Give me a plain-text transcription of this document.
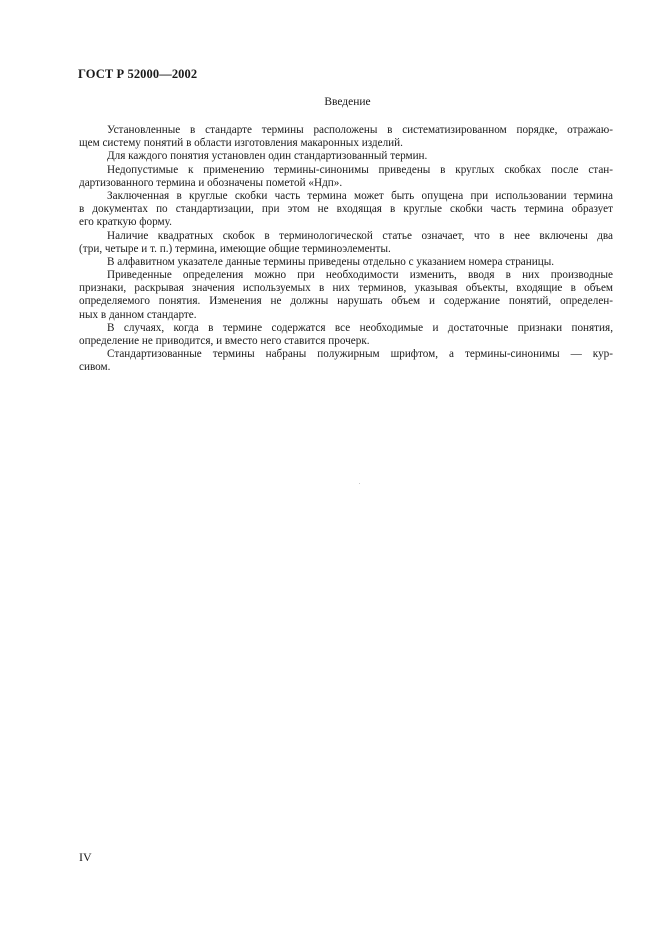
ГОСТ Р 52000—2002
Введение
Установленные в стандарте термины расположены в систематизированном порядке, отражаю-
щем систему понятий в области изготовления макаронных изделий.
Для каждого понятия установлен один стандартизованный термин.
Недопустимые к применению термины-синонимы приведены в круглых скобках после стан-
дартизованного термина и обозначены пометой «Ндп».
Заключенная в круглые скобки часть термина может быть опущена при использовании термина
в документах по стандартизации, при этом не входящая в круглые скобки часть термина образует
его краткую форму.
Наличие квадратных скобок в терминологической статье означает, что в нее включены два
(три, четыре и т. п.) термина, имеющие общие терминоэлементы.
В алфавитном указателе данные термины приведены отдельно с указанием номера страницы.
Приведенные определения можно при необходимости изменить, вводя в них производные
признаки, раскрывая значения используемых в них терминов, указывая объекты, входящие в объем
определяемого понятия. Изменения не должны нарушать объем и содержание понятий, определен-
ных в данном стандарте.
В случаях, когда в термине содержатся все необходимые и достаточные признаки понятия,
определение не приводится, и вместо него ставится прочерк.
Стандартизованные термины набраны полужирным шрифтом, а термины-синонимы — кур-
сивом.
IV
